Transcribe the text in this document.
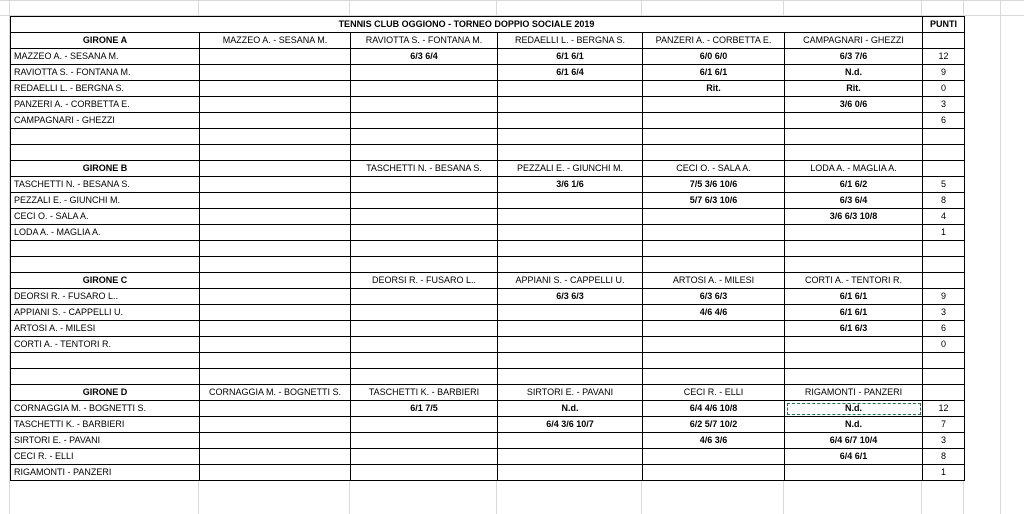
TENNIS CLUB OGGIONO - TORNEO DOPPIO SOCIALE 2019						PUNTI
GIRONE A	MAZZEO A. - SESANA M.	RAVIOTTA S. - FONTANA M.	REDAELLI L. - BERGNA S.	PANZERI A. - CORBETTA E.	CAMPAGNARI - GHEZZI	
MAZZEO A. - SESANA M.		6/3 6/4	6/1 6/1	6/0 6/0	6/3 7/6	12
RAVIOTTA S. - FONTANA M.			6/1 6/4	6/1 6/1	N.d.	9
REDAELLI L. - BERGNA S.				Rit.	Rit.	0
PANZERI A. - CORBETTA E.					3/6 0/6	3
CAMPAGNARI - GHEZZI						6

GIRONE B		TASCHETTI N. - BESANA S.	PEZZALI E. - GIUNCHI M.	CECI O. - SALA A.	LODA A. - MAGLIA A.	
TASCHETTI N. - BESANA S.			3/6 1/6	7/5 3/6 10/6	6/1 6/2	5
PEZZALI E. - GIUNCHI M.				5/7 6/3 10/6	6/3 6/4	8
CECI O. - SALA A.					3/6 6/3 10/8	4
LODA A. - MAGLIA A.						1

GIRONE C		DEORSI R. - FUSARO L..	APPIANI S. - CAPPELLI U.	ARTOSI A. - MILESI	CORTI A. - TENTORI R.	
DEORSI R. - FUSARO L..			6/3 6/3	6/3 6/3	6/1 6/1	9
APPIANI S. - CAPPELLI U.				4/6 4/6	6/1 6/1	3
ARTOSI A. - MILESI					6/1 6/3	6
CORTI A. - TENTORI R.						0

GIRONE D	CORNAGGIA M. - BOGNETTI S.	TASCHETTI K. - BARBIERI	SIRTORI E. - PAVANI	CECI R. - ELLI	RIGAMONTI - PANZERI	
CORNAGGIA M. - BOGNETTI S.		6/1 7/5	N.d.	6/4 4/6 10/8	N.d.	12
TASCHETTI K. - BARBIERI			6/4 3/6 10/7	6/2 5/7 10/2	N.d.	7
SIRTORI E. - PAVANI				4/6 3/6	6/4 6/7 10/4	3
CECI R. - ELLI					6/4 6/1	8
RIGAMONTI - PANZERI						1
